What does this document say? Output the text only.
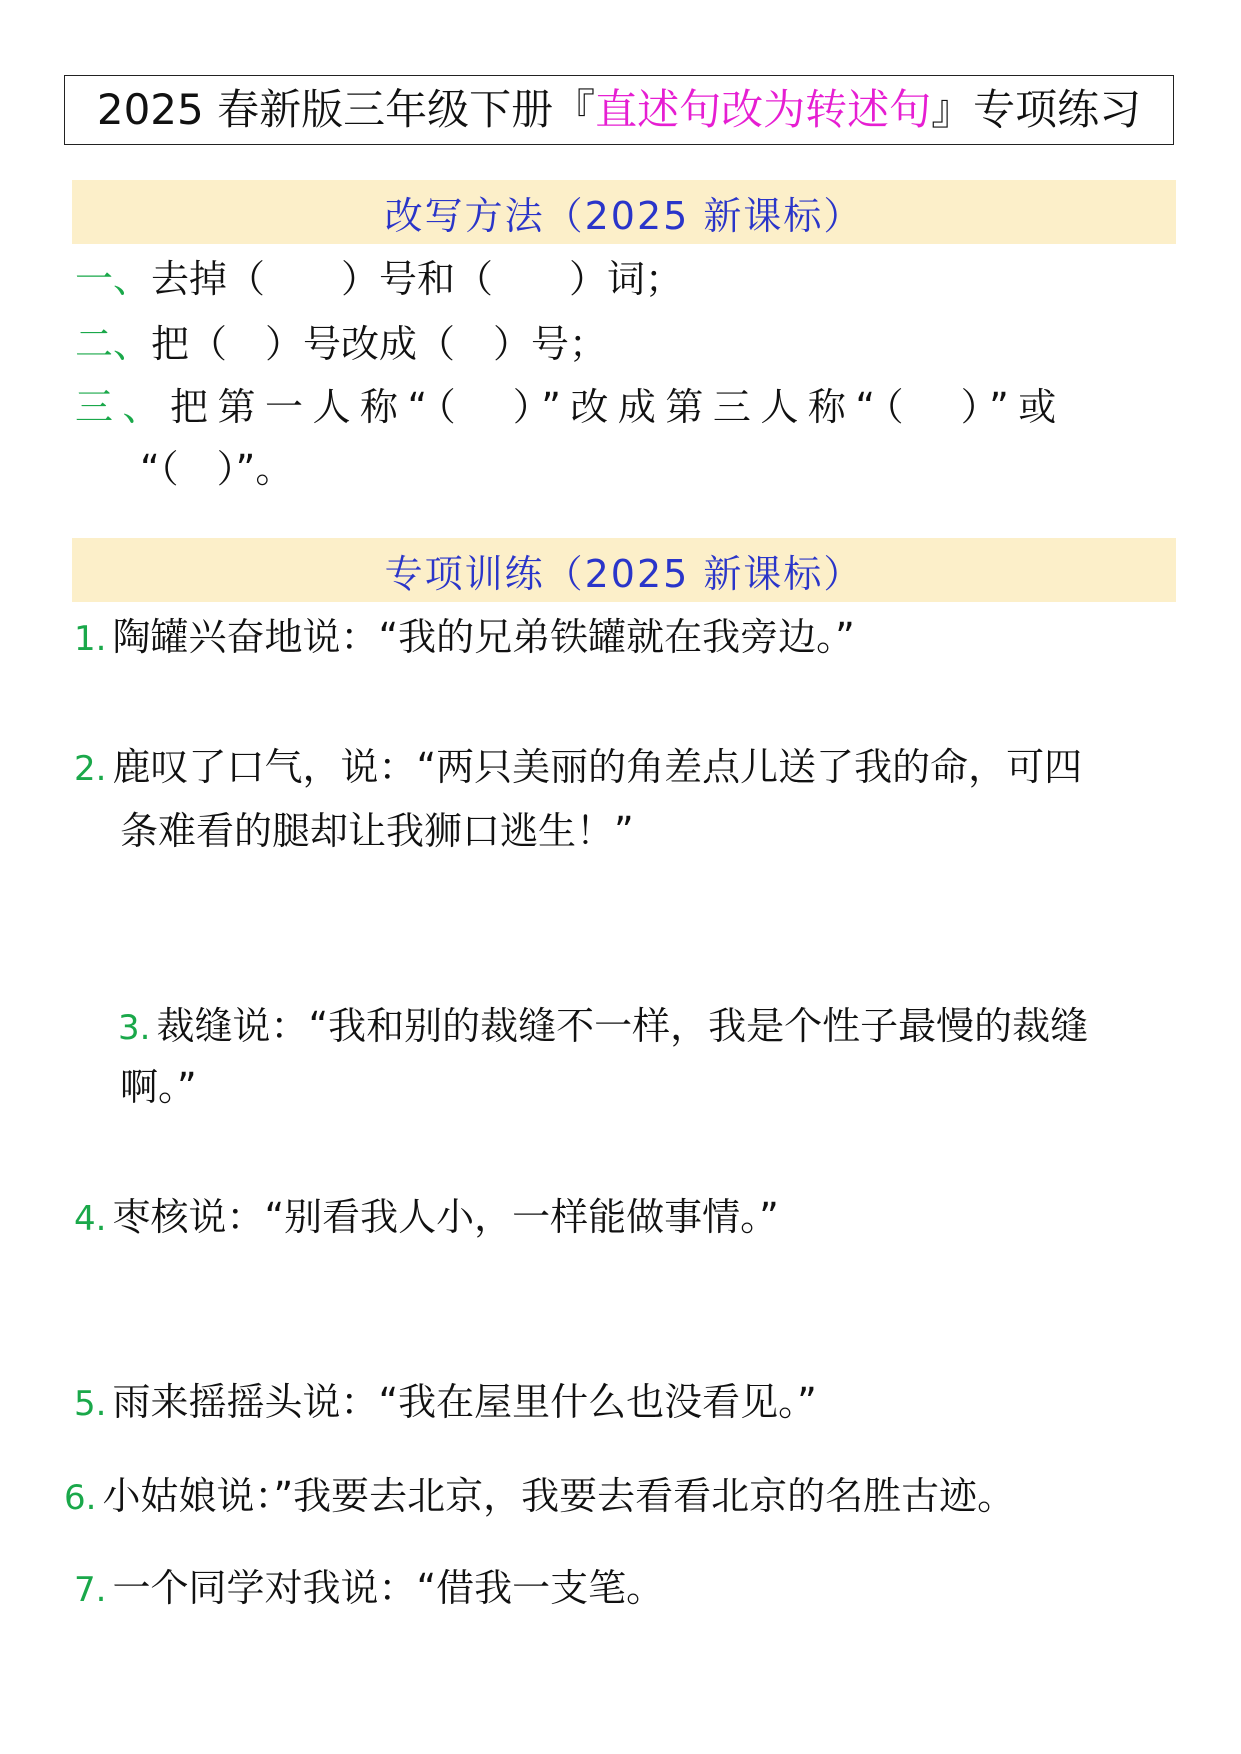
2025 春新版三年级下册『 直述句改为转述句 』专项练习
改写方法（2025 新课标）
一、去掉（　　）号和（　　）词；
二、把（　）号改成（　）号；
三、把第一人称“（　）”改成第三人称“（　）”或
“（　）”。
专项训练（2025 新课标）
1. 陶罐兴奋地说：“我的兄弟铁罐就在我旁边。”
2. 鹿叹了口气，说：“两只美丽的角差点儿送了我的命，可四
条难看的腿却让我狮口逃生！”
3. 裁缝说：“我和别的裁缝不一样，我是个性子最慢的裁缝
啊。”
4. 枣核说：“别看我人小，一样能做事情。”
5. 雨来摇摇头说：“我在屋里什么也没看见。”
6. 小姑娘说：”我要去北京，我要去看看北京的名胜古迹。
7. 一个同学对我说：“借我一支笔。
